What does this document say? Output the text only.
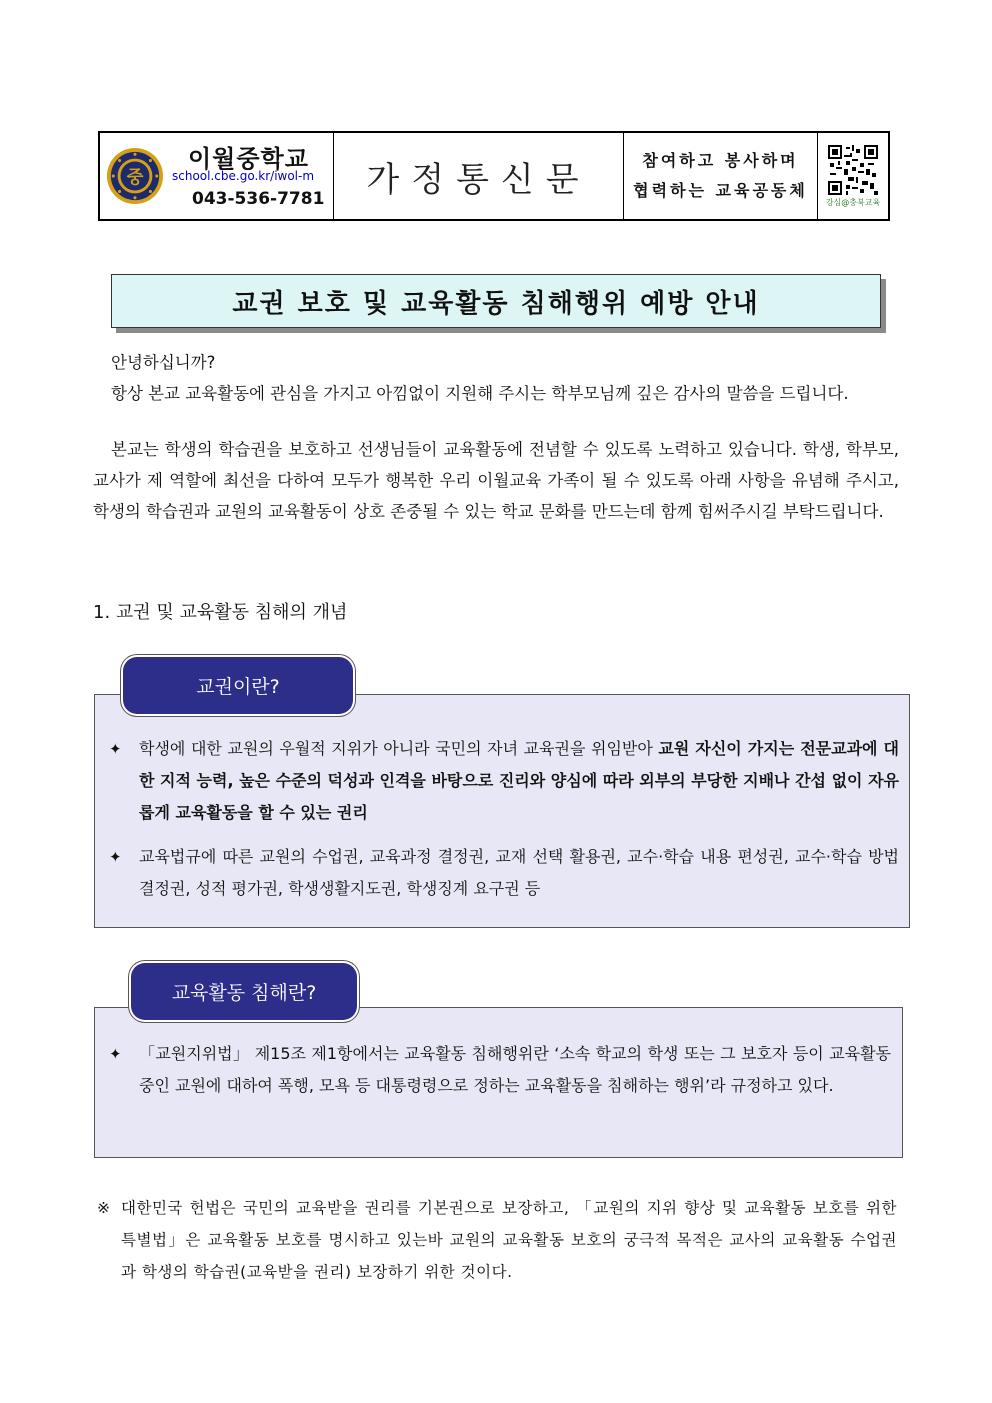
중
이월중학교
school.cbe.go.kr/iwol-m
043-536-7781 가정통신문	참여하고 봉사하며
협력하는 교육공동체
강심@충북교육
교권 보호 및 교육활동 침해행위 예방 안내
안녕하십니까?
항상 본교 교육활동에 관심을 가지고 아낌없이 지원해 주시는 학부모님께 깊은 감사의 말씀을 드립니다.
본교는 학생의 학습권을 보호하고 선생님들이 교육활동에 전념할 수 있도록 노력하고 있습니다. 학생, 학부모, 교사가 제 역할에 최선을 다하여 모두가 행복한 우리 이월교육 가족이 될 수 있도록 아래 사항을 유념해 주시고, 학생의 학습권과 교원의 교육활동이 상호 존중될 수 있는 학교 문화를 만드는데 함께 힘써주시길 부탁드립니다.
1. 교권 및 교육활동 침해의 개념
✦ 학생에 대한 교원의 우월적 지위가 아니라 국민의 자녀 교육권을 위임받아 교원 자신이 가지는 전문교과에 대한 지적 능력, 높은 수준의 덕성과 인격을 바탕으로 진리와 양심에 따라 외부의 부당한 지배나 간섭 없이 자유롭게 교육활동을 할 수 있는 권리
✦ 교육법규에 따른 교원의 수업권, 교육과정 결정권, 교재 선택 활용권, 교수·학습 내용 편성권, 교수·학습 방법 결정권, 성적 평가권, 학생생활지도권, 학생징계 요구권 등
교권이란?
✦ 「교원지위법」 제15조 제1항에서는 교육활동 침해행위란 ‘소속 학교의 학생 또는 그 보호자 등이 교육활동 중인 교원에 대하여 폭행, 모욕 등 대통령령으로 정하는 교육활동을 침해하는 행위’라 규정하고 있다.
교육활동 침해란?
※ 대한민국 헌법은 국민의 교육받을 권리를 기본권으로 보장하고, 「교원의 지위 향상 및 교육활동 보호를 위한 특별법」은 교육활동 보호를 명시하고 있는바 교원의 교육활동 보호의 궁극적 목적은 교사의 교육활동 수업권과 학생의 학습권(교육받을 권리) 보장하기 위한 것이다.
